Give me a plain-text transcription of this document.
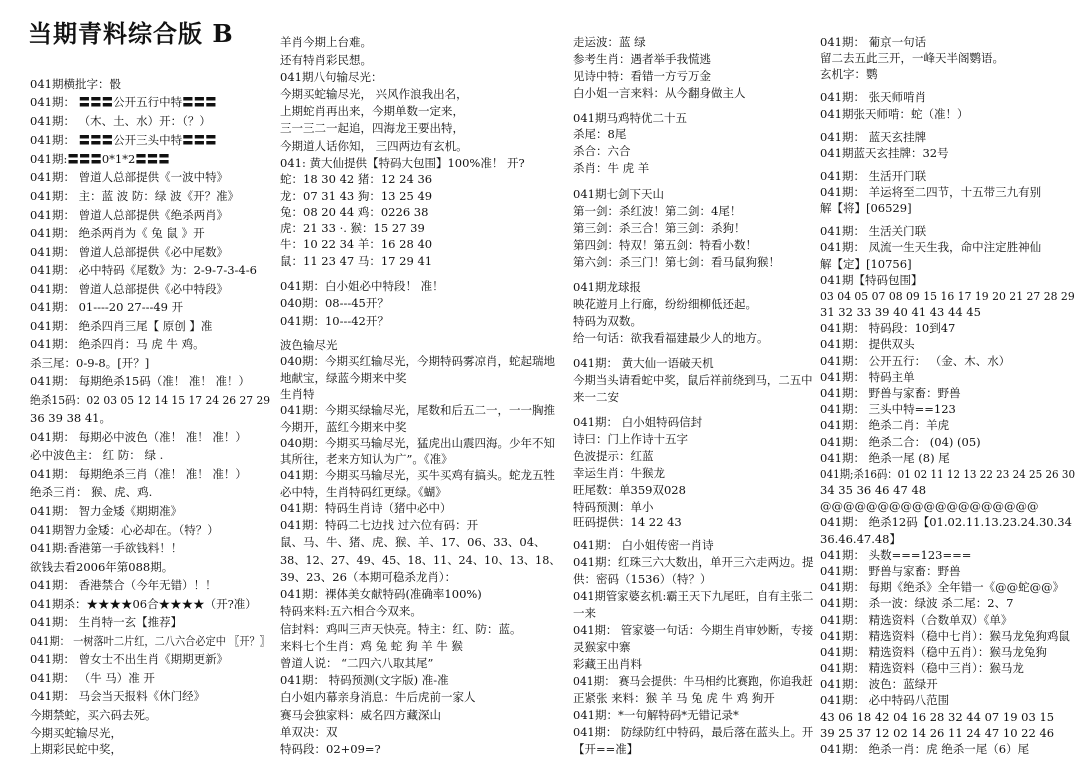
当期青料综合版 B
041期横批字：骰
041期： 〓〓〓公开五行中特〓〓〓
041期： （木、土、水）开：（？）
041期： 〓〓〓公开三头中特〓〓〓
041期:〓〓〓0*1*2〓〓〓
041期： 曾道人总部提供《一波中特》
041期： 主：蓝 波 防：绿 波《开？准》
041期： 曾道人总部提供《绝杀两肖》
041期： 绝杀两肖为《 兔 鼠 》开
041期： 曾道人总部提供《必中尾数》
041期： 必中特码《尾数》为：2-9-7-3-4-6
041期： 曾道人总部提供《必中特段》
041期： 01----20 27---49 开
041期： 绝杀四肖三尾【 原创 】准
041期： 绝杀四肖：马 虎 牛 鸡。
杀三尾：0-9-8。[开？]
041期： 每期绝杀15码（准！ 准！ 准！）
绝杀15码：02 03 05 12 14 15 17 24 26 27 29
36 39 38 41。
041期： 每期必中波色（准！ 准！ 准！）
必中波色主： 红 防： 绿 .
041期： 每期绝杀三肖（准！ 准！ 准！）
绝杀三肖： 猴、虎、鸡.
041期： 智力金矮《期期准》
041期智力金矮：心必却在。（特？）
041期:香港第一手欲钱料！！
欲钱去看2006年第088期。
041期： 香港禁合（今年无错）！！
041期杀：★★★★06合★★★★（开?准）
041期： 生肖特一玄【推荐】
041期： 一树落叶二片红，二八六合必定中 〖开？〗
041期： 曾女士不出生肖《期期更新》
041期： （牛 马）准 开
041期： 马会当天报料《休门经》
今期禁蛇，买六码去死。
今期买蛇输尽光，
上期彩民蛇中奖，
羊肖今期上台难。
还有特肖彩民想。
041期八句输尽光：
今期买蛇输尽光， 兴风作浪我出名，
上期蛇肖再出来，今期单数一定来，
三一三二一起追，四海龙王要出特，
今期道人话你知， 三四两边有玄机。
041: 黄大仙提供【特码大包围】100%准！ 开?
蛇：18 30 42 猪：12 24 36
龙：07 31 43 狗：13 25 49
兔：08 20 44 鸡：0226 38
虎：21 33 ·. 猴：15 27 39
牛：10 22 34 羊：16 28 40
鼠：11 23 47 马：17 29 41
041期：白小姐必中特段！ 准！
040期：08---45开？
041期：10---42开？
波色输尽光
040期：今期买红输尽光，今期特码雾凉肖，蛇起瑞地
地献宝，绿蓝今期来中奖
生肖特
041期：今期买绿输尽光，尾数和后五二一，一一胸推
今期开，蓝红今期来中奖
040期：今期买马输尽光，猛虎出山震四海。少年不知
其所往，老来方知认为广”。《准》
041期：今期买马输尽光，买牛买鸡有搞头。蛇龙五牲
必中特，生肖特码红更绿。《蝴》
041期：特码生肖诗（猪中必中）
041期：特码二七边找 过六位有码：开
鼠、马、牛、猪、虎、猴、羊、17、06、33、04、
38、12、27、49、45、18、11、24、10、13、18、
39、23、26（本期可稳杀龙肖）：
041期：裸体美女献特码(准确率100%)
特码来料:五六相合今双来。
信封料：鸡叫三声天快亮。特主：红、防：蓝。
来料七个生肖：鸡 兔 蛇 狗 羊 牛 猴
曾道人说： “二四六八取其尾”
041期： 特码预测(文字版) 准-准
白小姐内幕亲身消息：牛后虎前一家人
赛马会独家料：威名四方藏深山
单双决：双
特码段：02+09=?
走运波：蓝 绿
参考生肖：遇者举手我慌逃
见诗中特：看错一方亏万金
白小姐一言来料：从今翻身做主人
041期马鸡特优二十五
杀尾：8尾
杀合：六合
杀肖：牛 虎 羊
041期七剑下天山
第一剑：杀红波！第二剑：4尾！
第三剑：杀三合！第三剑：杀狗！
第四剑：特双！第五剑：特看小数！
第六剑：杀三门！第七剑：看马鼠狗猴！
041期龙球报
映花遊月上行廊，纷纷细柳低还起。
特码为双数。
给一句话：欲我看福建最少人的地方。
041期： 黄大仙一语破天机
今期当头请看蛇中奖，鼠后祥前绕到马，二五中
来一二安
041期： 白小姐特码信封
诗曰：门上作诗十五字
色波提示：红蓝
幸运生肖：牛猴龙
旺尾数：单359双028
特码预测：单小
旺码提供：14 22 43
041期： 白小姐传密一肖诗
041期：红珠三六大数出，单开三六走两边。提
供：密码（1536）（特？）
041期管家婆玄机:霸王天下九尾旺，自有主张二
一来
041期： 管家婆一句话：今期生肖审妙断，专接
灵猴家中寨
彩藏王出肖料
041期： 赛马会提供：牛马相约比赛跑，你追我赶
正紧张 来料：猴 羊 马 兔 虎 牛 鸡 狗开
041期：*一句解特码*无错记录*
041期： 防绿防红中特码，最后落在蓝头上。开
【开==准】
041期： 葡京一句话
留二去五此三开，一峰天半阁鹦语。
玄机字：鹦
041期： 张天师啃肖
041期张天师啃：蛇（准！）
041期： 蓝天玄挂牌
041期蓝天玄挂牌：32号
041期： 生活开门联
041期： 羊运将至二四节，十五带三九有别
解【将】[06529]
041期： 生活关门联
041期： 凤流一生天生我，命中注定胜神仙
解【定】[10756]
041期【特码包围】
03 04 05 07 08 09 15 16 17 19 20 21 27 28 29
31 32 33 39 40 41 43 44 45
041期： 特码段：10到47
041期： 提供双头
041期： 公开五行： （金、木、水）
041期： 特码主单
041期： 野兽与家畜：野兽
041期： 三头中特==123
041期： 绝杀二肖：羊虎
041期： 绝杀二合： (04) (05)
041期： 绝杀一尾 (8) 尾
041期;杀16码：01 02 11 12 13 22 23 24 25 26 30
34 35 36 46 47 48
@@@@@@@@@@@@@@@@@@@
041期： 绝杀12码【01.02.11.13.23.24.30.34
36.46.47.48】
041期： 头数===123===
041期： 野兽与家畜：野兽
041期： 每期《绝杀》全年错一《@@蛇@@》
041期： 杀一波：绿波 杀二尾：2、7
041期： 精选资料（合数单双）《单》
041期： 精选资料（稳中七肖）：猴马龙兔狗鸡鼠
041期： 精选资料（稳中五肖）：猴马龙兔狗
041期： 精选资料（稳中三肖）：猴马龙
041期： 波色：蓝绿开
041期： 必中特码八范围
43 06 18 42 04 16 28 32 44 07 19 03 15
39 25 37 12 02 14 26 11 24 47 10 22 46
041期： 绝杀一肖：虎 绝杀一尾（6）尾
